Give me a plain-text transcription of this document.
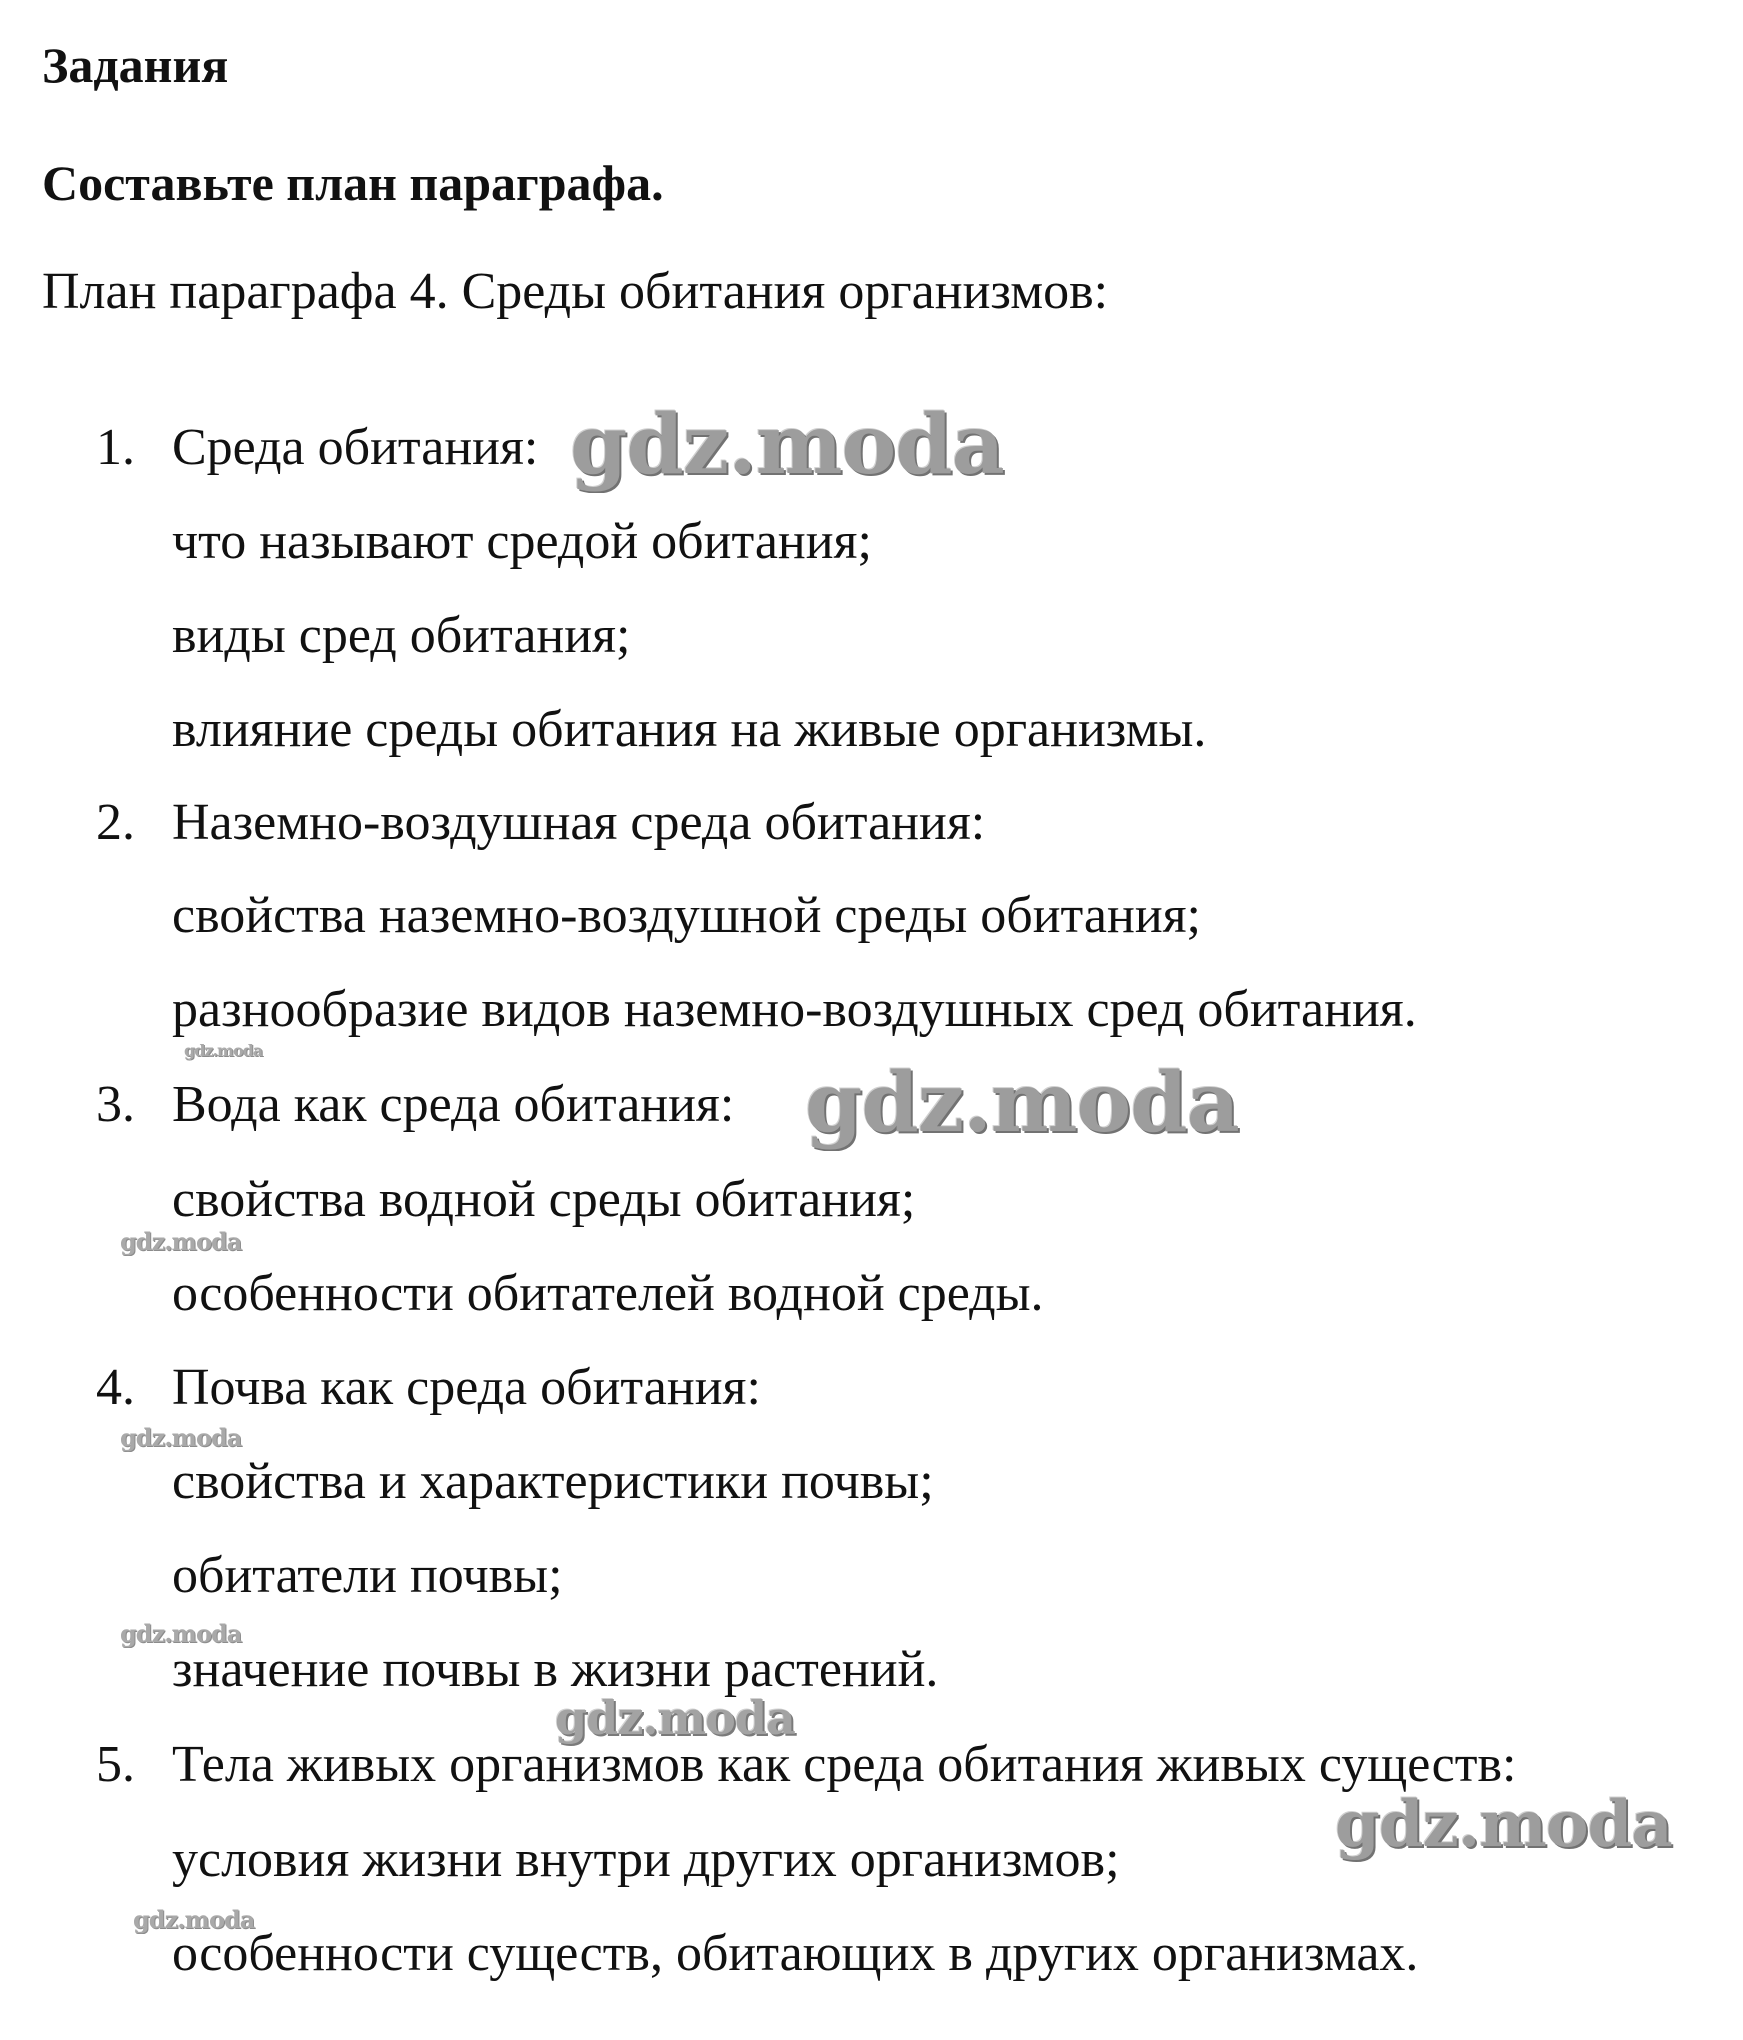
Задания
Составьте план параграфа.
План параграфа 4. Среды обитания организмов:
1. Среда обитания:
что называют средой обитания;
виды сред обитания;
влияние среды обитания на живые организмы.
2. Наземно-воздушная среда обитания:
свойства наземно-воздушной среды обитания;
разнообразие видов наземно-воздушных сред обитания.
3. Вода как среда обитания:
свойства водной среды обитания;
особенности обитателей водной среды.
4. Почва как среда обитания:
свойства и характеристики почвы;
обитатели почвы;
значение почвы в жизни растений.
5. Тела живых организмов как среда обитания живых существ:
условия жизни внутри других организмов;
особенности существ, обитающих в других организмах.
gdz.moda
gdz.moda
gdz.moda
gdz.moda
gdz.moda
gdz.moda
gdz.moda
gdz.moda
gdz.moda
